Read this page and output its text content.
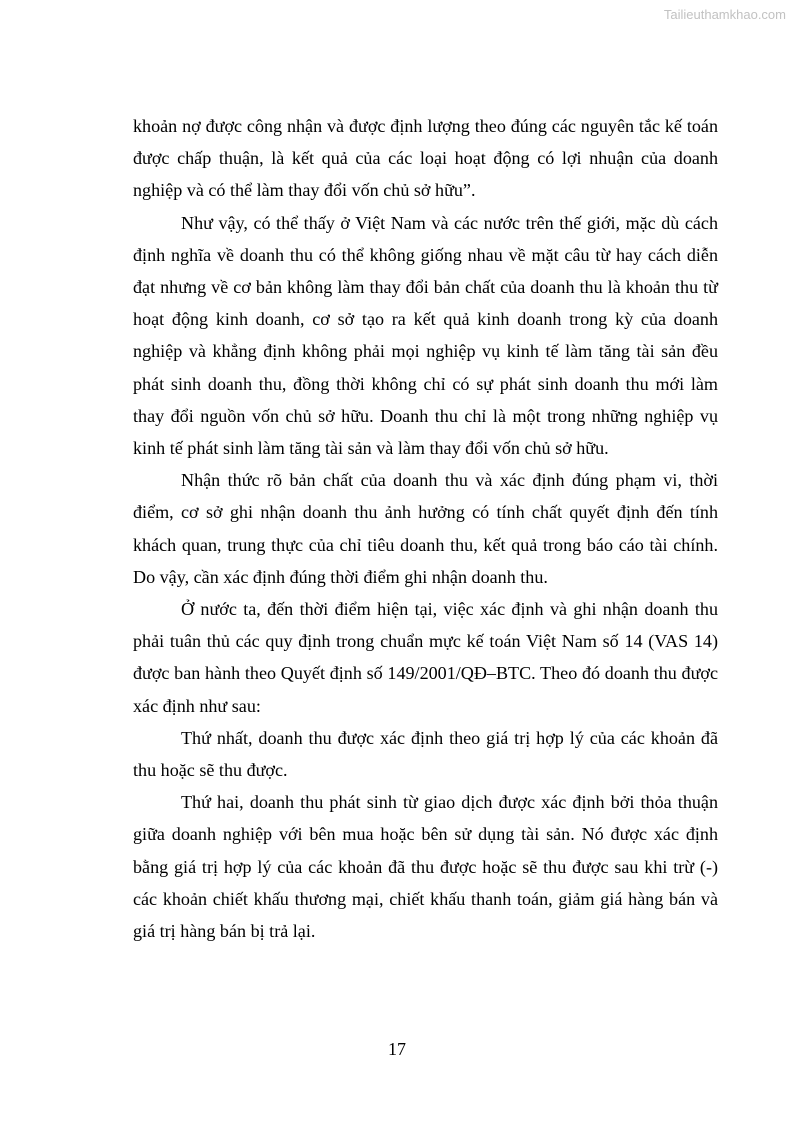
Tailieuthamkhao.com

khoản nợ được công nhận và được định lượng theo đúng các nguyên tắc kế toán được chấp thuận, là kết quả của các loại hoạt động có lợi nhuận của doanh nghiệp và có thể làm thay đổi vốn chủ sở hữu”.

Như vậy, có thể thấy ở Việt Nam và các nước trên thế giới, mặc dù cách định nghĩa về doanh thu có thể không giống nhau về mặt câu từ hay cách diễn đạt nhưng về cơ bản không làm thay đổi bản chất của doanh thu là khoản thu từ hoạt động kinh doanh, cơ sở tạo ra kết quả kinh doanh trong kỳ của doanh nghiệp và khẳng định không phải mọi nghiệp vụ kinh tế làm tăng tài sản đều phát sinh doanh thu, đồng thời không chỉ có sự phát sinh doanh thu mới làm thay đổi nguồn vốn chủ sở hữu. Doanh thu chỉ là một trong những nghiệp vụ kinh tế phát sinh làm tăng tài sản và làm thay đổi vốn chủ sở hữu.

Nhận thức rõ bản chất của doanh thu và xác định đúng phạm vi, thời điểm, cơ sở ghi nhận doanh thu ảnh hưởng có tính chất quyết định đến tính khách quan, trung thực của chỉ tiêu doanh thu, kết quả trong báo cáo tài chính. Do vậy, cần xác định đúng thời điểm ghi nhận doanh thu.

Ở nước ta, đến thời điểm hiện tại, việc xác định và ghi nhận doanh thu phải tuân thủ các quy định trong chuẩn mực kế toán Việt Nam số 14 (VAS 14) được ban hành theo Quyết định số 149/2001/QĐ–BTC. Theo đó doanh thu được xác định như sau:

Thứ nhất, doanh thu được xác định theo giá trị hợp lý của các khoản đã thu hoặc sẽ thu được.

Thứ hai, doanh thu phát sinh từ giao dịch được xác định bởi thỏa thuận giữa doanh nghiệp với bên mua hoặc bên sử dụng tài sản. Nó được xác định bằng giá trị hợp lý của các khoản đã thu được hoặc sẽ thu được sau khi trừ (-) các khoản chiết khấu thương mại, chiết khấu thanh toán, giảm giá hàng bán và giá trị hàng bán bị trả lại.

17
